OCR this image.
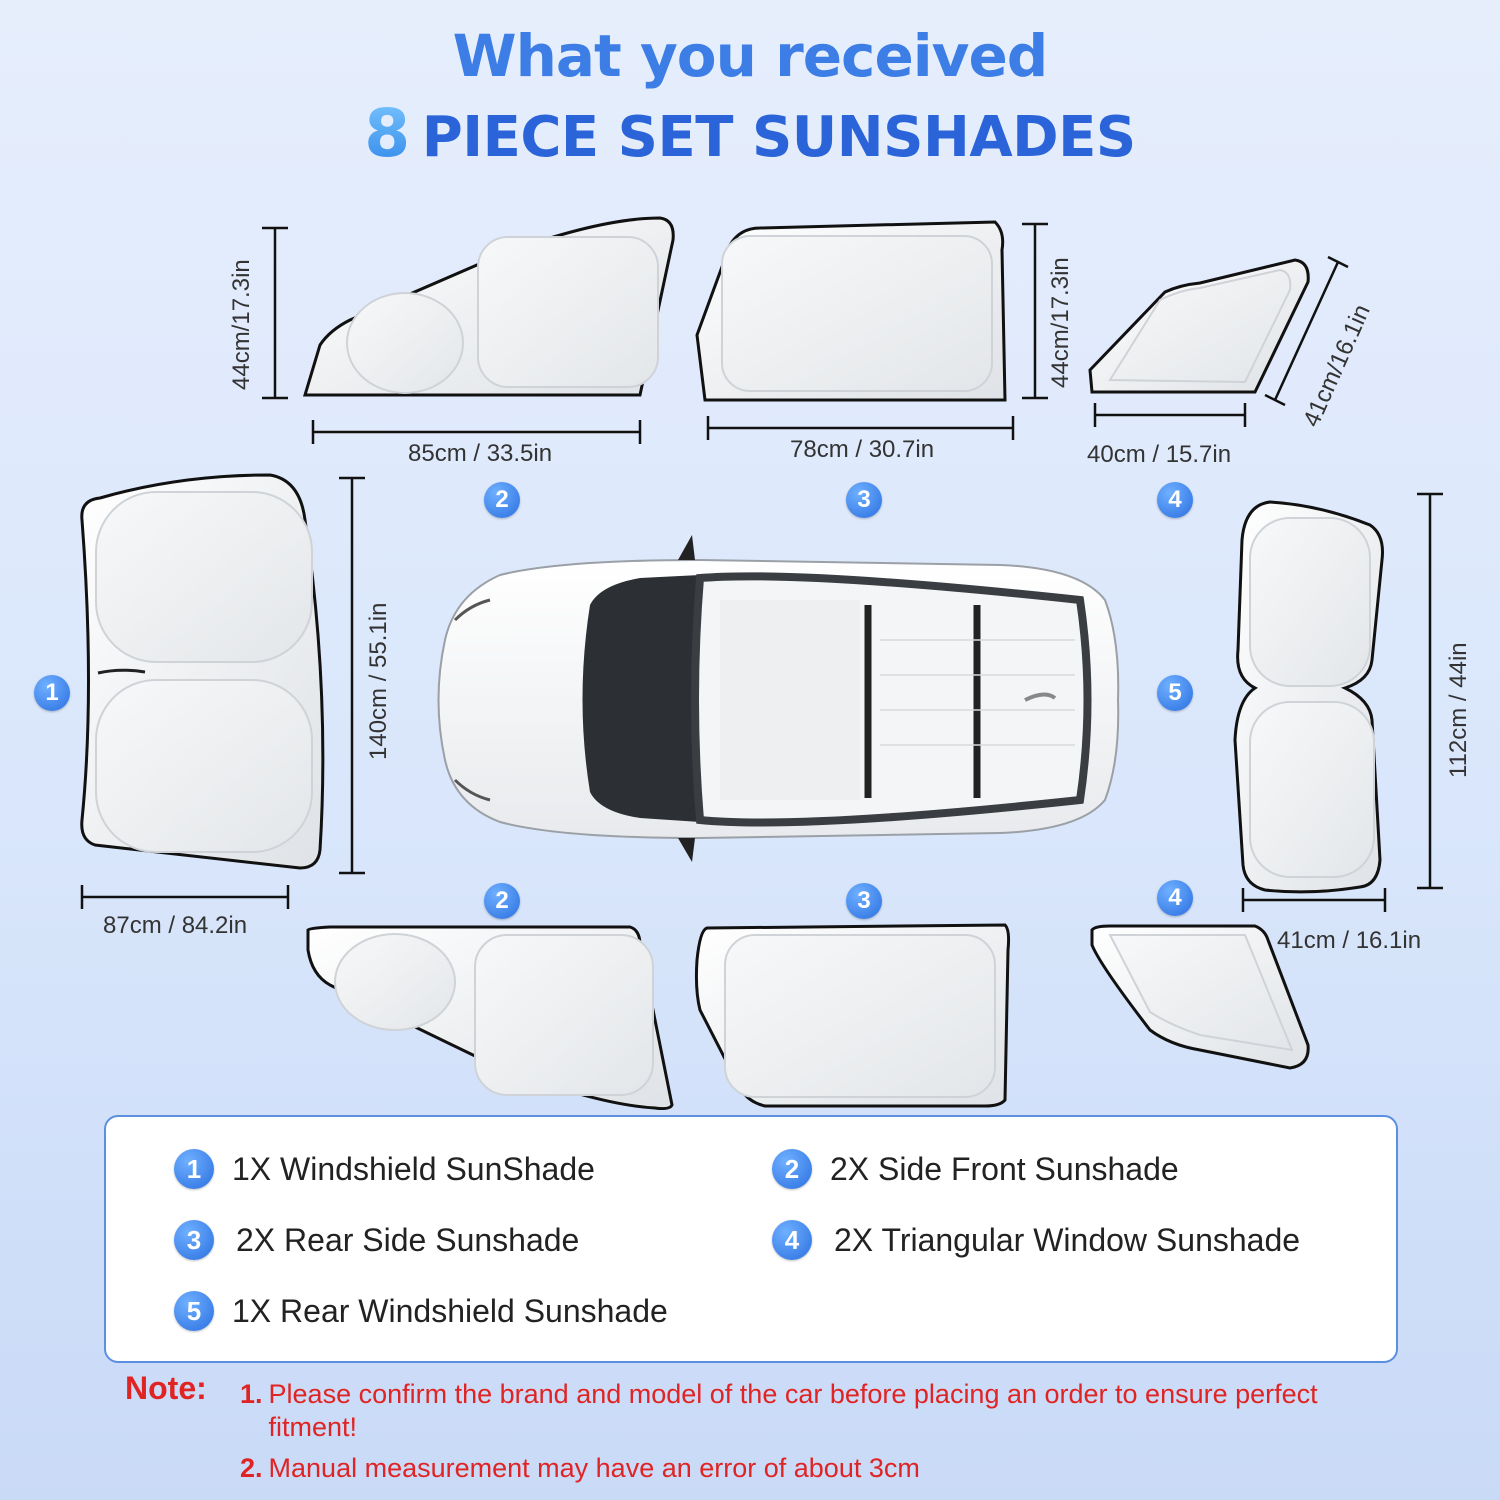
What you received
8 PIECE SET SUNSHADES
44cm/17.3in
85cm / 33.5in	78cm / 30.7in
44cm/17.3in
40cm / 15.7in
41cm/16.1in
140cm / 55.1in
87cm / 84.2in
112cm / 44in
41cm / 16.1in
1
2	3	4
5
2	3	4
1 1X Windshield SunShade	2 2X Side Front Sunshade
3	2X Rear Side Sunshade	4	2X Triangular Window Sunshade
5 1X Rear Windshield Sunshade
Note: 1. Please confirm the brand and model of the car before placing an order to ensure perfect fitment!
2. Manual measurement may have an error of about 3cm
